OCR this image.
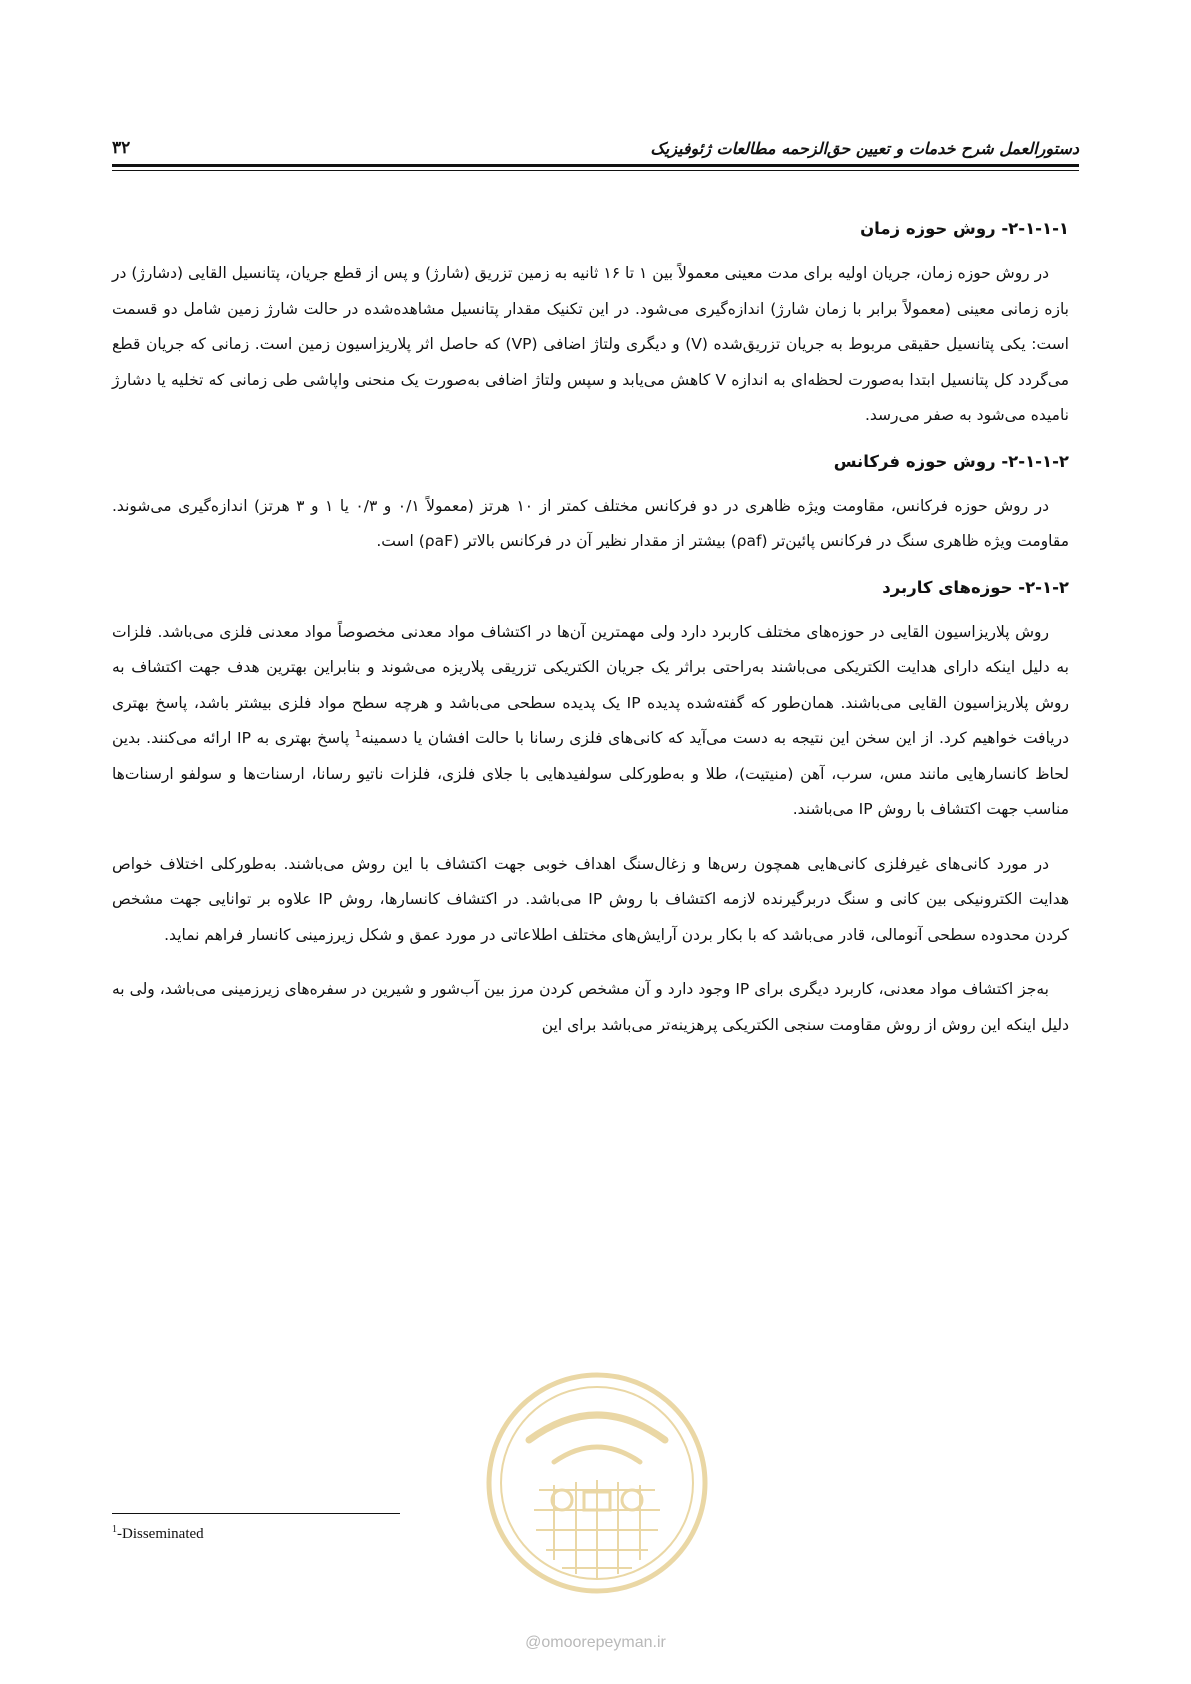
دستورالعمل شرح خدمات و تعیین حق‌الزحمه مطالعات ژئوفیزیک
۳۲
۲-۱-۱-۱- روش حوزه زمان

در روش حوزه زمان، جریان اولیه برای مدت معینی معمولاً بین ۱ تا ۱۶ ثانیه به زمین تزریق (شارژ) و پس از قطع جریان، پتانسیل القایی (دشارژ) در بازه زمانی معینی (معمولاً برابر با زمان شارژ) اندازه‌گیری می‌شود. در این تکنیک مقدار پتانسیل مشاهده‌شده در حالت شارژ زمین شامل دو قسمت است: یکی پتانسیل حقیقی مربوط به جریان تزریق‌شده (V) و دیگری ولتاژ اضافی (VP) که حاصل اثر پلاریزاسیون زمین است. زمانی که جریان قطع می‌گردد کل پتانسیل ابتدا به‌صورت لحظه‌ای به اندازه V کاهش می‌یابد و سپس ولتاژ اضافی به‌صورت یک منحنی واپاشی طی زمانی که تخلیه یا دشارژ نامیده می‌شود به صفر می‌رسد.

۲-۱-۱-۲- روش حوزه فرکانس

در روش حوزه فرکانس، مقاومت ویژه ظاهری در دو فرکانس مختلف کمتر از ۱۰ هرتز (معمولاً ۰/۱ و ۰/۳ یا ۱ و ۳ هرتز) اندازه‌گیری می‌شوند. مقاومت ویژه ظاهری سنگ در فرکانس پائین‌تر (ρaf) بیشتر از مقدار نظیر آن در فرکانس بالاتر (ρaF) است.

۲-۱-۲- حوزه‌های کاربرد

روش پلاریزاسیون القایی در حوزه‌های مختلف کاربرد دارد ولی مهمترین آن‌ها در اکتشاف مواد معدنی مخصوصاً مواد معدنی فلزی می‌باشد. فلزات به دلیل اینکه دارای هدایت الکتریکی می‌باشند به‌راحتی براثر یک جریان الکتریکی تزریقی پلاریزه می‌شوند و بنابراین بهترین هدف جهت اکتشاف به روش پلاریزاسیون القایی می‌باشند. همان‌طور که گفته‌شده پدیده IP یک پدیده سطحی می‌باشد و هرچه سطح مواد فلزی بیشتر باشد، پاسخ بهتری دریافت خواهیم کرد. از این سخن این نتیجه به دست می‌آید که کانی‌های فلزی رسانا با حالت افشان یا دسمینه$^1$ پاسخ بهتری به IP ارائه می‌کنند. بدین لحاظ کانسارهایی مانند مس، سرب، آهن (منیتیت)، طلا و به‌طورکلی سولفیدهایی با جلای فلزی، فلزات ناتیو رسانا، ارسنات‌ها و سولفو ارسنات‌ها مناسب جهت اکتشاف با روش IP می‌باشند.

در مورد کانی‌های غیرفلزی کانی‌هایی همچون رس‌ها و زغال‌سنگ اهداف خوبی جهت اکتشاف با این روش می‌باشند. به‌طورکلی اختلاف خواص هدایت الکترونیکی بین کانی و سنگ دربرگیرنده لازمه اکتشاف با روش IP می‌باشد. در اکتشاف کانسارها، روش IP علاوه بر توانایی جهت مشخص کردن محدوده سطحی آنومالی، قادر می‌باشد که با بکار بردن آرایش‌های مختلف اطلاعاتی در مورد عمق و شکل زیرزمینی کانسار فراهم نماید.

به‌جز اکتشاف مواد معدنی، کاربرد دیگری برای IP وجود دارد و آن مشخص کردن مرز بین آب‌شور و شیرین در سفره‌های زیرزمینی می‌باشد، ولی به دلیل اینکه این روش از روش مقاومت سنجی الکتریکی پرهزینه‌تر می‌باشد برای این

$^1$-Disseminated
@omoorepeyman.ir
